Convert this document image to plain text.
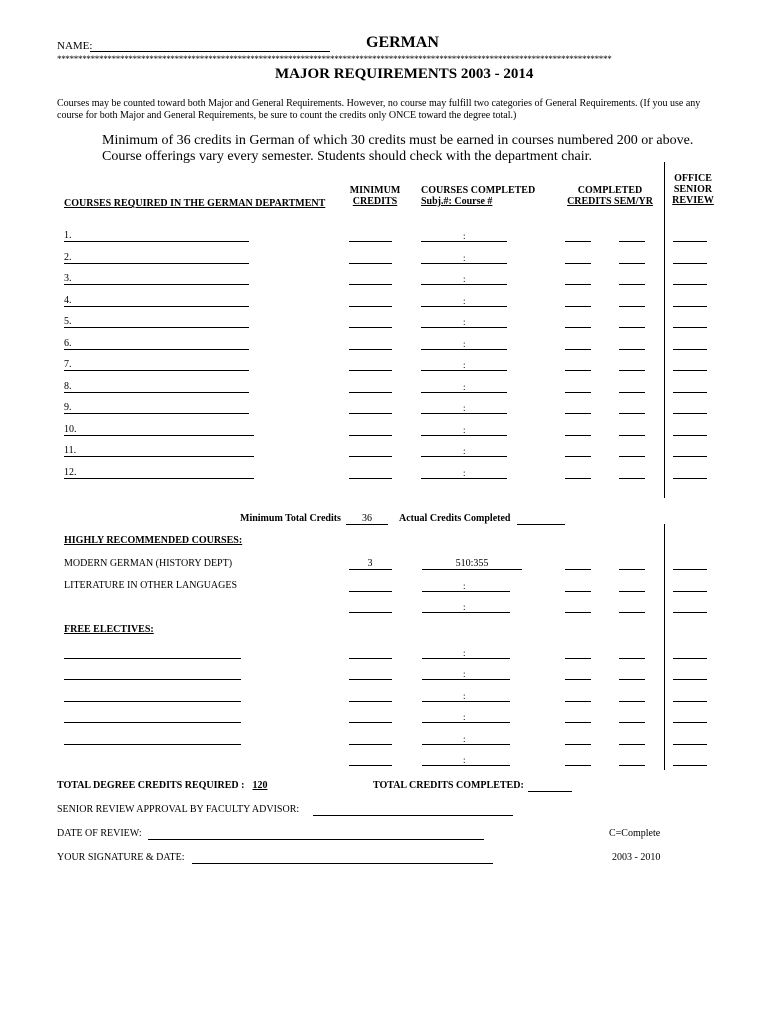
NAME:	GERMAN
************************************************************************************************************************************
MAJOR REQUIREMENTS 2003 - 2014
Courses may be counted toward both Major and General Requirements. However, no course may fulfill two categories of General Requirements. (If you use any
course for both Major and General Requirements, be sure to count the credits only ONCE toward the degree total.)
Minimum of 36 credits in German of which 30 credits must be earned in courses numbered 200 or above.
Course offerings vary every semester. Students should check with the department chair.
COURSES REQUIRED IN THE GERMAN DEPARTMENT
MINIMUM
CREDITS
COURSES COMPLETED
Subj.#: Course #
COMPLETED
CREDITS SEM/YR
OFFICE
SENIOR
REVIEW
1.	:
2.	:
3.	:
4.	:
5.	:
6.	:
7.	:
8.	:
9.	:
10.	:
11.	:
12.	:
Minimum Total Credits	36	Actual Credits Completed
HIGHLY RECOMMENDED COURSES:
MODERN GERMAN (HISTORY DEPT)	3	510:355
LITERATURE IN OTHER LANGUAGES	:
:
FREE ELECTIVES:
:
:
:
:
:
:
TOTAL DEGREE CREDITS REQUIRED : 120	TOTAL CREDITS COMPLETED:
SENIOR REVIEW APPROVAL BY FACULTY ADVISOR:
DATE OF REVIEW:	C=Complete
YOUR SIGNATURE & DATE:	2003 - 2010
